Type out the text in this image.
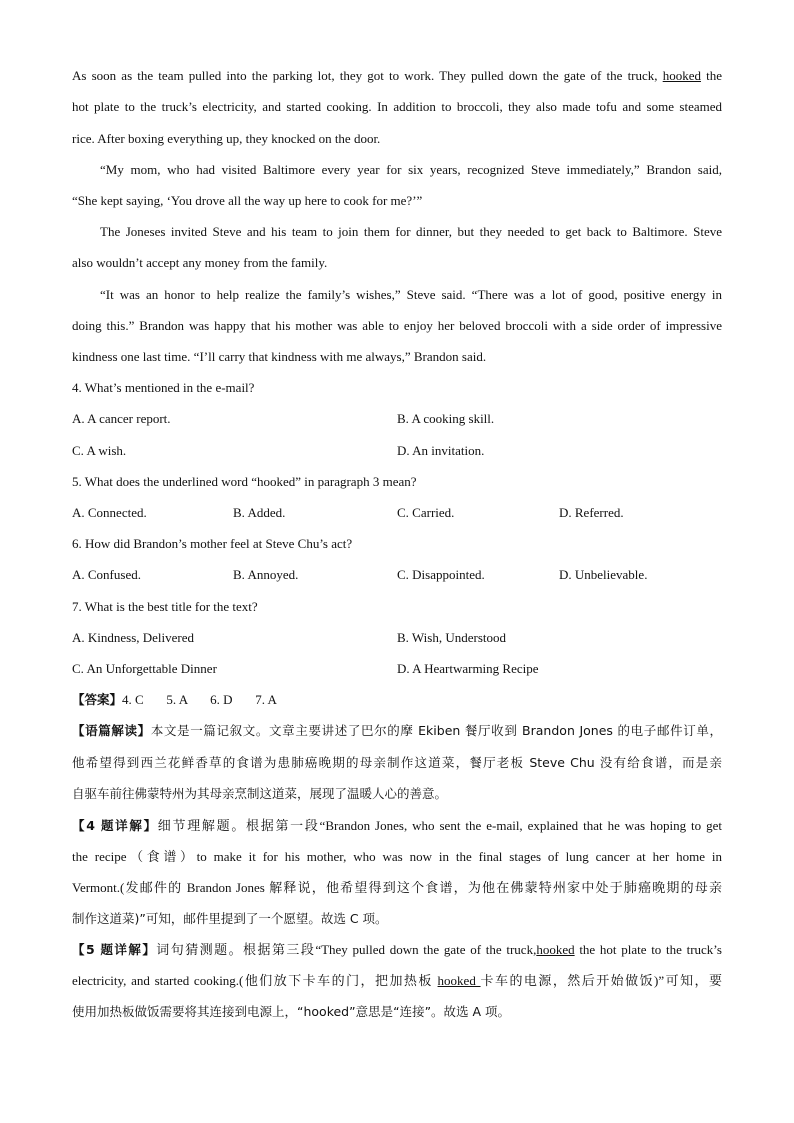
As soon as the team pulled into the parking lot, they got to work. They pulled down the gate of the truck, hooked the
hot plate to the truck’s electricity, and started cooking. In addition to broccoli, they also made tofu and some steamed
rice. After boxing everything up, they knocked on the door.
“My mom, who had visited Baltimore every year for six years, recognized Steve immediately,” Brandon said,
“She kept saying, ‘You drove all the way up here to cook for me?’”
The Joneses invited Steve and his team to join them for dinner, but they needed to get back to Baltimore. Steve
also wouldn’t accept any money from the family.
“It was an honor to help realize the family’s wishes,” Steve said. “There was a lot of good, positive energy in
doing this.” Brandon was happy that his mother was able to enjoy her beloved broccoli with a side order of impressive
kindness one last time. “I’ll carry that kindness with me always,” Brandon said.
4. What’s mentioned in the e-mail?
A. A cancer report.	B. A cooking skill.
C. A wish.	D. An invitation.
5. What does the underlined word “hooked” in paragraph 3 mean?
A. Connected.	B. Added.	C. Carried.	D. Referred.
6. How did Brandon’s mother feel at Steve Chu’s act?
A. Confused.	B. Annoyed.	C. Disappointed.	D. Unbelievable.
7. What is the best title for the text?
A. Kindness, Delivered	B. Wish, Understood
C. An Unforgettable Dinner	D. A Heartwarming Recipe
【答案】4. C       5. A       6. D       7. A
【语篇解读】本文是一篇记叙文。文章主要讲述了巴尔的摩 Ekiben 餐厅收到 Brandon Jones 的电子邮件订单，
他希望得到西兰花鲜香草的食谱为患肺癌晚期的母亲制作这道菜，餐厅老板 Steve Chu 没有给食谱，而是亲
自驱车前往佛蒙特州为其母亲烹制这道菜，展现了温暖人心的善意。
【4 题详解】细节理解题。根据第一段“Brandon Jones, who sent the e-mail, explained that he was hoping to get
the recipe（食谱）to make it for his mother, who was now in the final stages of lung cancer at her home in
Vermont.(发邮件的 Brandon Jones 解释说，他希望得到这个食谱，为他在佛蒙特州家中处于肺癌晚期的母亲
制作这道菜)”可知，邮件里提到了一个愿望。故选 C 项。
【5 题详解】词句猜测题。根据第三段“They pulled down the gate of the truck,hooked the hot plate to the truck’s
electricity, and started cooking.(他们放下卡车的门，把加热板 hooked 卡车的电源，然后开始做饭)”可知，要
使用加热板做饭需要将其连接到电源上，“hooked”意思是“连接”。故选 A 项。
